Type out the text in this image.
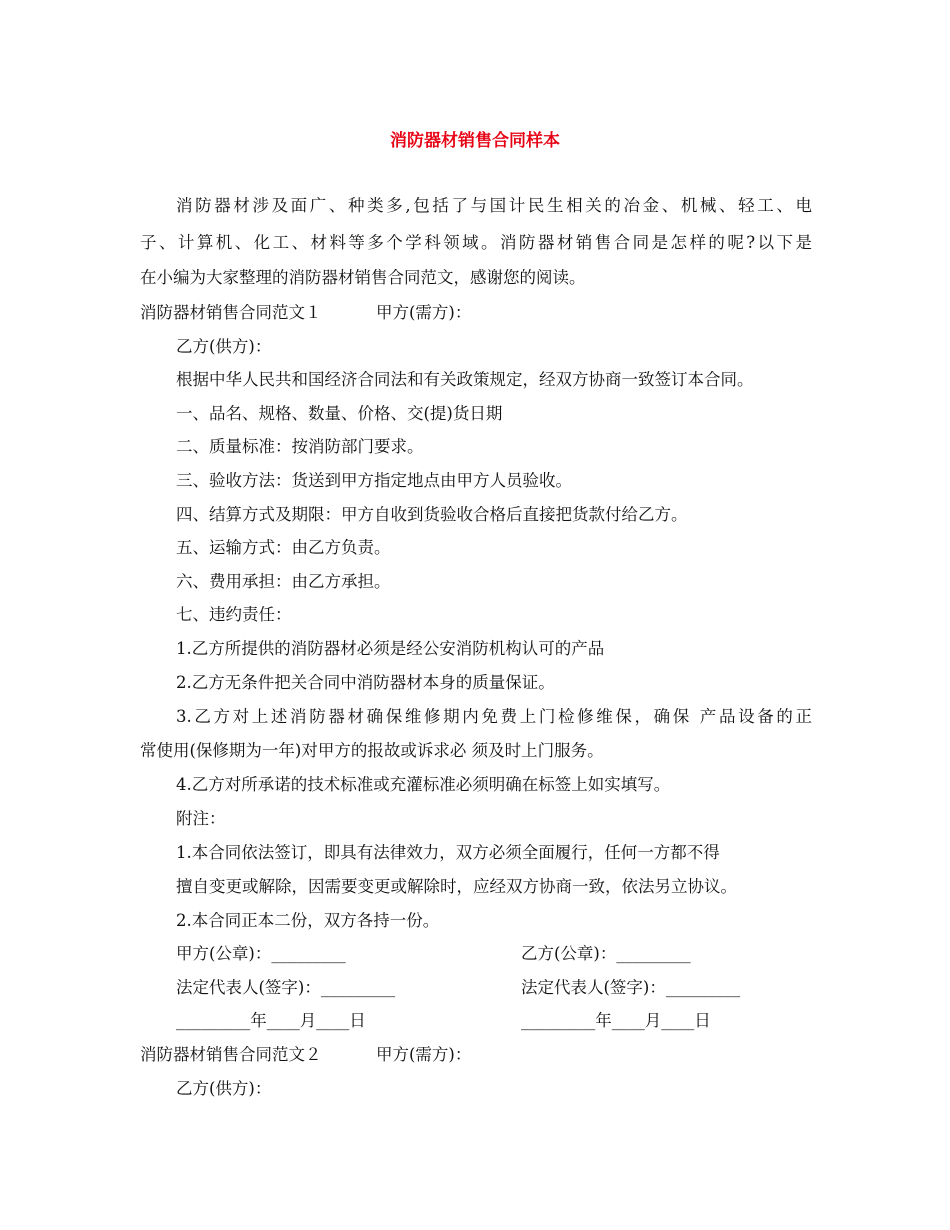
消防器材销售合同样本
消防器材涉及面广、种类多,包括了与国计民生相关的冶金、机械、轻工、电
子、计算机、化工、材料等多个学科领域。消防器材销售合同是怎样的呢?以下是
在小编为大家整理的消防器材销售合同范文，感谢您的阅读。
消防器材销售合同范文１	甲方(需方)：
乙方(供方)：
根据中华人民共和国经济合同法和有关政策规定，经双方协商一致签订本合同。
一、品名、规格、数量、价格、交(提)货日期
二、质量标准：按消防部门要求。
三、验收方法：货送到甲方指定地点由甲方人员验收。
四、结算方式及期限：甲方自收到货验收合格后直接把货款付给乙方。
五、运输方式：由乙方负责。
六、费用承担：由乙方承担。
七、违约责任：
1.乙方所提供的消防器材必须是经公安消防机构认可的产品
2.乙方无条件把关合同中消防器材本身的质量保证。
3.乙方对上述消防器材确保维修期内免费上门检修维保，确保 产品设备的正
常使用(保修期为一年)对甲方的报故或诉求必 须及时上门服务。
4.乙方对所承诺的技术标准或充灌标准必须明确在标签上如实填写。
附注：
1.本合同依法签订，即具有法律效力，双方必须全面履行，任何一方都不得
擅自变更或解除，因需要变更或解除时，应经双方协商一致，依法另立协议。
2.本合同正本二份，双方各持一份。
甲方(公章)：_________	乙方(公章)：_________
法定代表人(签字)：_________	法定代表人(签字)：_________
_________年____月____日	_________年____月____日
消防器材销售合同范文２	甲方(需方)：
乙方(供方)：
